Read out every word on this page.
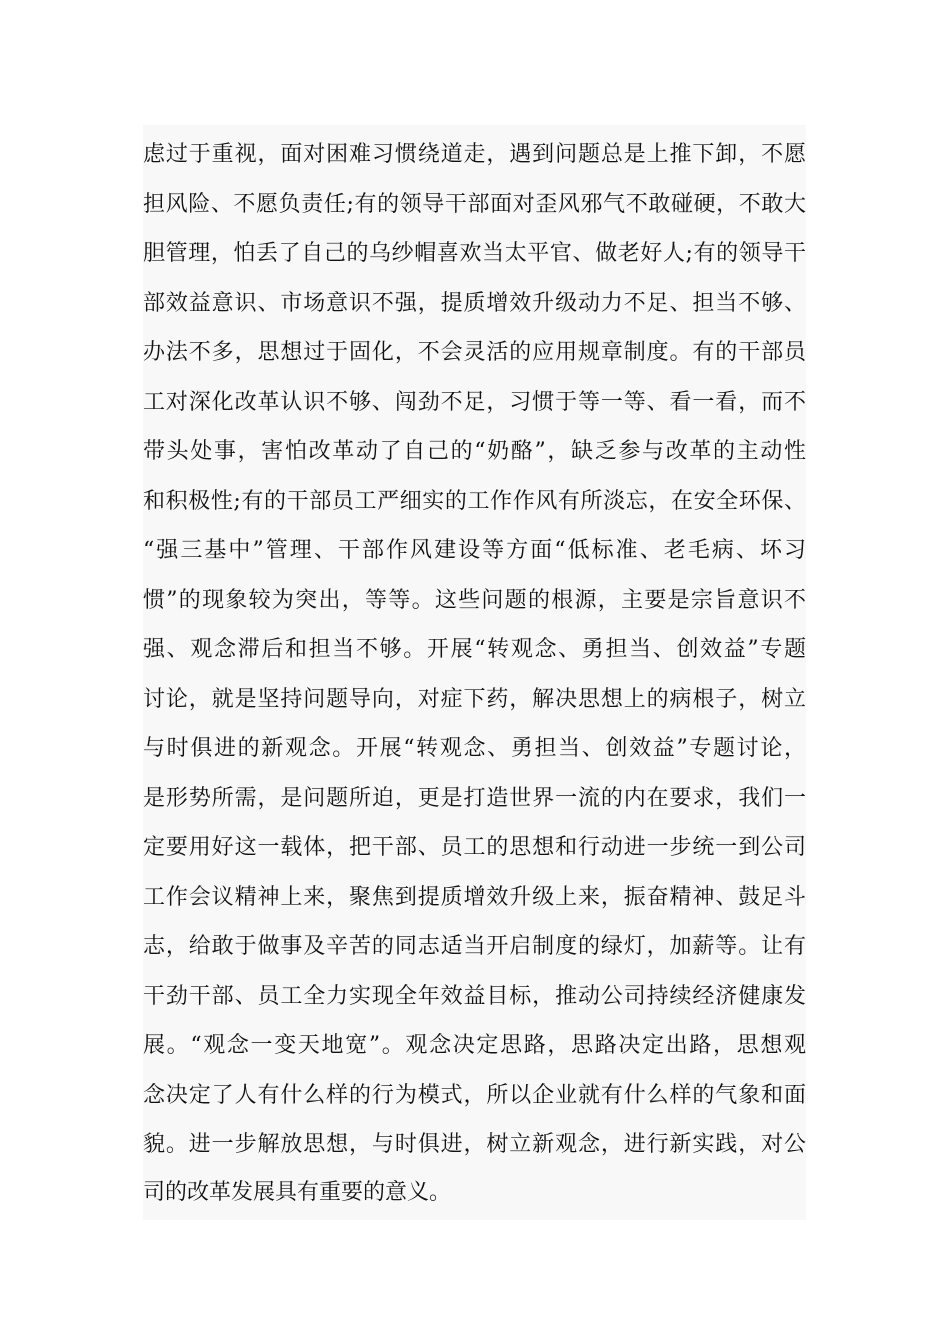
虑过于重视，面对困难习惯绕道走，遇到问题总是上推下卸，不愿
担风险、不愿负责任;有的领导干部面对歪风邪气不敢碰硬，不敢大
胆管理，怕丢了自己的乌纱帽喜欢当太平官、做老好人;有的领导干
部效益意识、市场意识不强，提质增效升级动力不足、担当不够、
办法不多，思想过于固化，不会灵活的应用规章制度。有的干部员
工对深化改革认识不够、闯劲不足，习惯于等一等、看一看，而不
带头处事，害怕改革动了自己的“奶酪”，缺乏参与改革的主动性
和积极性;有的干部员工严细实的工作作风有所淡忘，在安全环保、
“强三基中”管理、干部作风建设等方面“低标准、老毛病、坏习
惯”的现象较为突出，等等。这些问题的根源，主要是宗旨意识不
强、观念滞后和担当不够。开展“转观念、勇担当、创效益”专题
讨论，就是坚持问题导向，对症下药，解决思想上的病根子，树立
与时俱进的新观念。开展“转观念、勇担当、创效益”专题讨论，
是形势所需，是问题所迫，更是打造世界一流的内在要求，我们一
定要用好这一载体，把干部、员工的思想和行动进一步统一到公司
工作会议精神上来，聚焦到提质增效升级上来，振奋精神、鼓足斗
志，给敢于做事及辛苦的同志适当开启制度的绿灯，加薪等。让有
干劲干部、员工全力实现全年效益目标，推动公司持续经济健康发
展。“观念一变天地宽”。观念决定思路，思路决定出路，思想观
念决定了人有什么样的行为模式，所以企业就有什么样的气象和面
貌。进一步解放思想，与时俱进，树立新观念，进行新实践，对公
司的改革发展具有重要的意义。
